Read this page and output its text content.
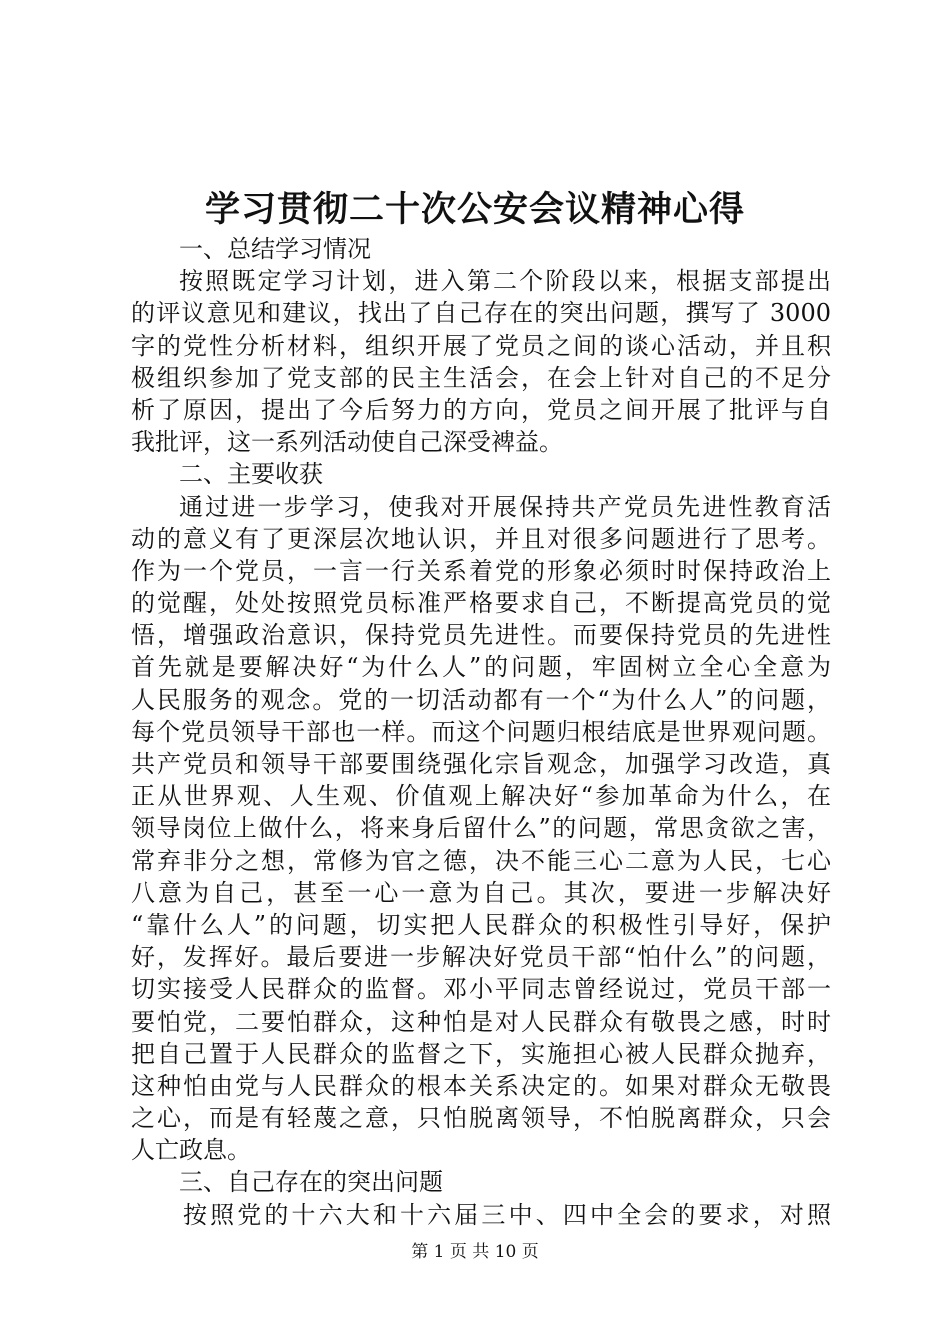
学习贯彻二十次公安会议精神心得
一、总结学习情况
按照既定学习计划，进入第二个阶段以来，根据支部提出
的评议意见和建议，找出了自己存在的突出问题，撰写了 3000
字的党性分析材料，组织开展了党员之间的谈心活动，并且积
极组织参加了党支部的民主生活会，在会上针对自己的不足分
析了原因，提出了今后努力的方向，党员之间开展了批评与自
我批评，这一系列活动使自己深受裨益。
二、主要收获
通过进一步学习，使我对开展保持共产党员先进性教育活
动的意义有了更深层次地认识，并且对很多问题进行了思考。
作为一个党员，一言一行关系着党的形象必须时时保持政治上
的觉醒，处处按照党员标准严格要求自己，不断提高党员的觉
悟，增强政治意识，保持党员先进性。而要保持党员的先进性
首先就是要解决好“为什么人”的问题，牢固树立全心全意为
人民服务的观念。党的一切活动都有一个“为什么人”的问题，
每个党员领导干部也一样。而这个问题归根结底是世界观问题。
共产党员和领导干部要围绕强化宗旨观念，加强学习改造，真
正从世界观、人生观、价值观上解决好“参加革命为什么，在
领导岗位上做什么，将来身后留什么”的问题，常思贪欲之害，
常弃非分之想，常修为官之德，决不能三心二意为人民，七心
八意为自己，甚至一心一意为自己。其次，要进一步解决好
“靠什么人”的问题，切实把人民群众的积极性引导好，保护
好，发挥好。最后要进一步解决好党员干部“怕什么”的问题，
切实接受人民群众的监督。邓小平同志曾经说过，党员干部一
要怕党，二要怕群众，这种怕是对人民群众有敬畏之感，时时
把自己置于人民群众的监督之下，实施担心被人民群众抛弃，
这种怕由党与人民群众的根本关系决定的。如果对群众无敬畏
之心，而是有轻蔑之意，只怕脱离领导，不怕脱离群众，只会
人亡政息。
三、自己存在的突出问题
按照党的十六大和十六届三中、四中全会的要求，对照
第 1 页 共 10 页
